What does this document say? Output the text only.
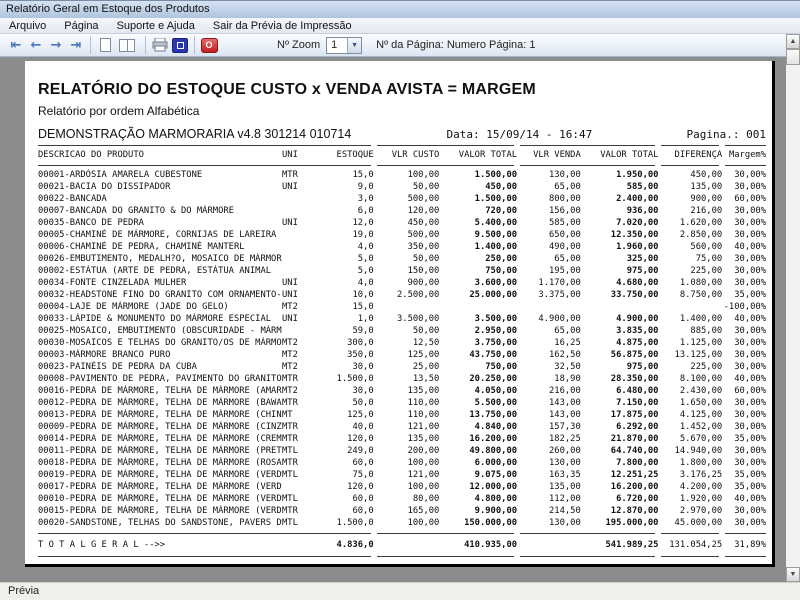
Relatório Geral em Estoque dos Produtos
Arquivo	Página	Suporte e Ajuda	Sair da Prévia de Impressão
⇤ ← → ⇥	O	Nº Zoom	1	▼ Nº da Página: Numero Página: 1
RELATÓRIO DO ESTOQUE CUSTO x VENDA AVISTA = MARGEM
Relatório por ordem Alfabética
DEMONSTRAÇÃO MARMORARIA v4.8 301214 010714	Data: 15/09/14 - 16:47	Pagina.: 001
DESCRICAO DO PRODUTO	UNI	ESTOQUE	VLR CUSTO	VALOR TOTAL	VLR VENDA	VALOR TOTAL	DIFERENÇA Margem%
00001-ARDÓSIA AMARELA CUBESTONE	MTR	15,0	100,00	1.500,00	130,00	1.950,00	450,00	30,00%
00021-BACIA DO DISSIPADOR	UNI	9,0	50,00	450,00	65,00	585,00	135,00	30,00%
00022-BANCADA	3,0	500,00	1.500,00	800,00	2.400,00	900,00	60,00%
00007-BANCADA DO GRANITO & DO MÁRMORE	6,0	120,00	720,00	156,00	936,00	216,00	30,00%
00035-BANCO DE PEDRA	UNI	12,0	450,00	5.400,00	585,00	7.020,00	1.620,00	30,00%
00005-CHAMINÉ DE MÁRMORE, CORNIJAS DE LAREIRA	19,0	500,00	9.500,00	650,00	12.350,00	2.850,00	30,00%
00006-CHAMINÉ DE PEDRA, CHAMINÉ MANTERL	4,0	350,00	1.400,00	490,00	1.960,00	560,00	40,00%
00026-EMBUTIMENTO, MEDALH?O, MOSAICO DE MÁRMOR	5,0	50,00	250,00	65,00	325,00	75,00	30,00%
00002-ESTÁTUA (ARTE DE PEDRA, ESTÁTUA ANIMAL	5,0	150,00	750,00	195,00	975,00	225,00	30,00%
00034-FONTE CINZELADA MULHER	UNI	4,0	900,00	3.600,00	1.170,00	4.680,00	1.080,00	30,00%
00032-HEADSTONE FINO DO GRANITO COM ORNAMENTO- UNI	10,0	2.500,00	25.000,00	3.375,00	33.750,00	8.750,00	35,00%
00004-LAJE DE MÁRMORE (JADE DO GELO)	MT2	15,0	-100,00%
00033-LÁPIDE & MONUMENTO DO MÁRMORE ESPECIAL	UNI	1,0	3.500,00	3.500,00	4.900,00	4.900,00	1.400,00	40,00%
00025-MOSAICO, EMBUTIMENTO (OBSCURIDADE - MÁRM	59,0	50,00	2.950,00	65,00	3.835,00	885,00	30,00%
00030-MOSAICOS E TELHAS DO GRANITO/OS DE MÁRMO MT2	300,0	12,50	3.750,00	16,25	4.875,00	1.125,00	30,00%
00003-MÁRMORE BRANCO PURO	MT2	350,0	125,00	43.750,00	162,50	56.875,00	13.125,00	30,00%
00023-PAINÉIS DE PEDRA DA CUBA	MT2	30,0	25,00	750,00	32,50	975,00	225,00	30,00%
00008-PAVIMENTO DE PEDRA, PAVIMENTO DO GRANITO MTR	1.500,0	13,50	20.250,00	18,90	28.350,00	8.100,00	40,00%
00016-PEDRA DE MÁRMORE, TELHA DE MÁRMORE (AMAR MT2	30,0	135,00	4.050,00	216,00	6.480,00	2.430,00	60,00%
00012-PEDRA DE MÁRMORE, TELHA DE MÁRMORE (BAWA MTR	50,0	110,00	5.500,00	143,00	7.150,00	1.650,00	30,00%
00013-PEDRA DE MÁRMORE, TELHA DE MÁRMORE (CHIN MT	125,0	110,00	13.750,00	143,00	17.875,00	4.125,00	30,00%
00009-PEDRA DE MÁRMORE, TELHA DE MÁRMORE (CINZ MTR	40,0	121,00	4.840,00	157,30	6.292,00	1.452,00	30,00%
00014-PEDRA DE MÁRMORE, TELHA DE MÁRMORE (CREM MTR	120,0	135,00	16.200,00	182,25	21.870,00	5.670,00	35,00%
00011-PEDRA DE MÁRMORE, TELHA DE MÁRMORE (PRET MTL	249,0	200,00	49.800,00	260,00	64.740,00	14.940,00	30,00%
00018-PEDRA DE MÁRMORE, TELHA DE MÁRMORE (ROSA MTR	60,0	100,00	6.000,00	130,00	7.800,00	1.800,00	30,00%
00019-PEDRA DE MÁRMORE, TELHA DE MÁRMORE (VERD MTL	75,0	121,00	9.075,00	163,35	12.251,25	3.176,25	35,00%
00017-PEDRA DE MÁRMORE, TELHA DE MÁRMORE (VERD	120,0	100,00	12.000,00	135,00	16.200,00	4.200,00	35,00%
00010-PEDRA DE MÁRMORE, TELHA DE MÁRMORE (VERD MTL	60,0	80,00	4.800,00	112,00	6.720,00	1.920,00	40,00%
00015-PEDRA DE MÁRMORE, TELHA DE MÁRMORE (VERD MTR	60,0	165,00	9.900,00	214,50	12.870,00	2.970,00	30,00%
00020-SANDSTONE, TELHAS DO SANDSTONE, PAVERS D MTL	1.500,0	100,00	150.000,00	130,00	195.000,00	45.000,00	30,00%
T O T A L G E R A L -->>	4.836,0	410.935,00	541.989,25	131.054,25	31,89%
▲
▼
Prévia
